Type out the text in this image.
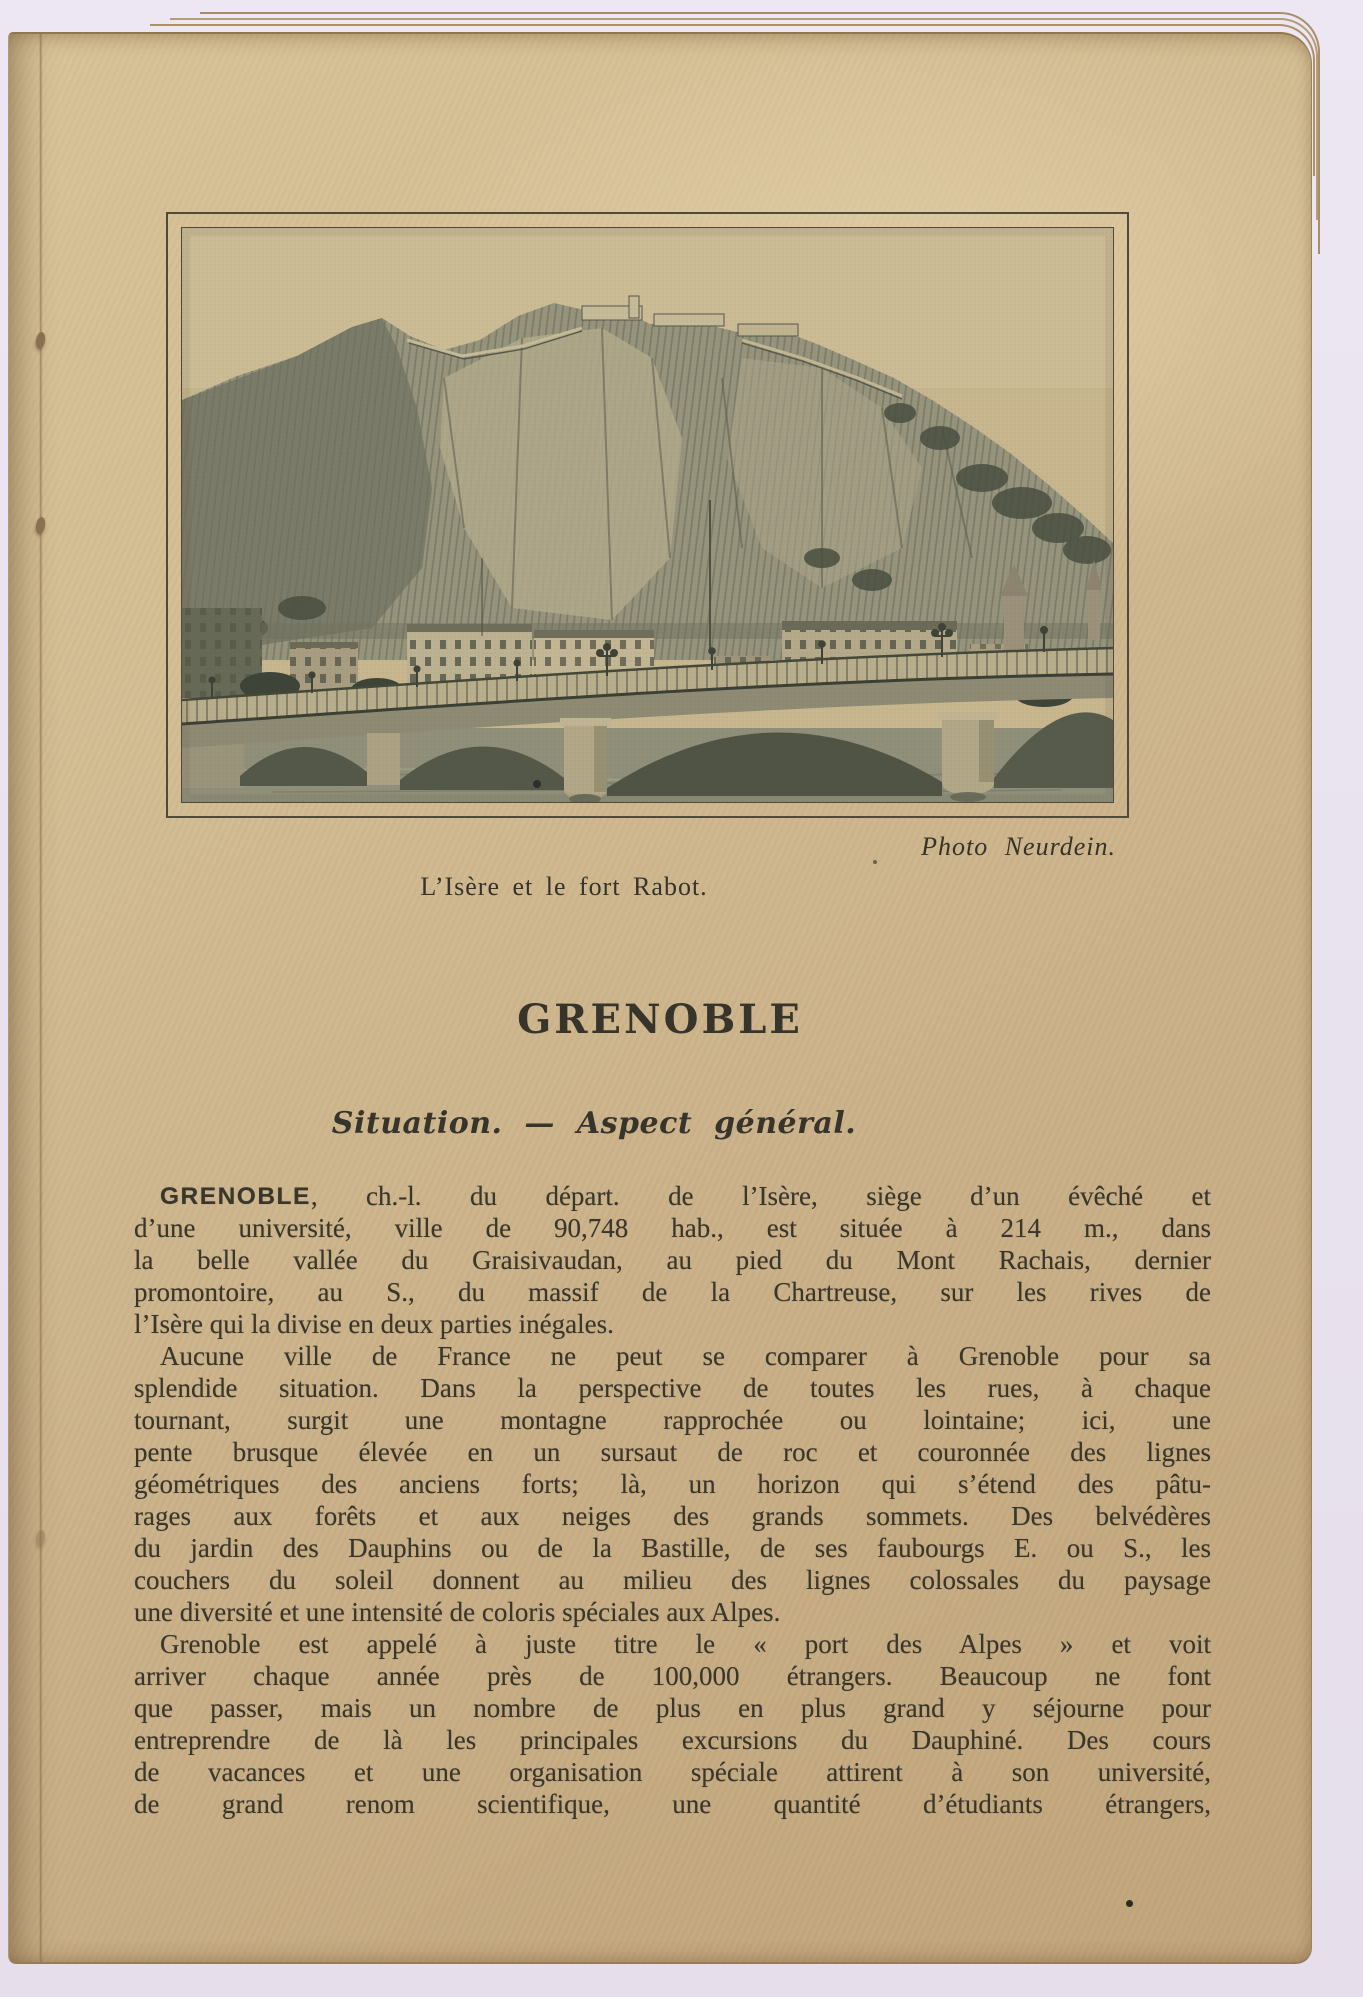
Photo Neurdein.
L’Isère et le fort Rabot.
GRENOBLE
Situation. — Aspect général.
GRENOBLE, ch.-l. du départ. de l’Isère, siège d’un évêché et
d’une université, ville de 90,748 hab., est située à 214 m., dans
la belle vallée du Graisivaudan, au pied du Mont Rachais, dernier
promontoire, au S., du massif de la Chartreuse, sur les rives de
l’Isère qui la divise en deux parties inégales.
Aucune ville de France ne peut se comparer à Grenoble pour sa
splendide situation. Dans la perspective de toutes les rues, à chaque
tournant, surgit une montagne rapprochée ou lointaine; ici, une
pente brusque élevée en un sursaut de roc et couronnée des lignes
géométriques des anciens forts; là, un horizon qui s’étend des pâtu-
rages aux forêts et aux neiges des grands sommets. Des belvédères
du jardin des Dauphins ou de la Bastille, de ses faubourgs E. ou S., les
couchers du soleil donnent au milieu des lignes colossales du paysage
une diversité et une intensité de coloris spéciales aux Alpes.
Grenoble est appelé à juste titre le « port des Alpes » et voit
arriver chaque année près de 100,000 étrangers. Beaucoup ne font
que passer, mais un nombre de plus en plus grand y séjourne pour
entreprendre de là les principales excursions du Dauphiné. Des cours
de vacances et une organisation spéciale attirent à son université,
de grand renom scientifique, une quantité d’étudiants étrangers,
